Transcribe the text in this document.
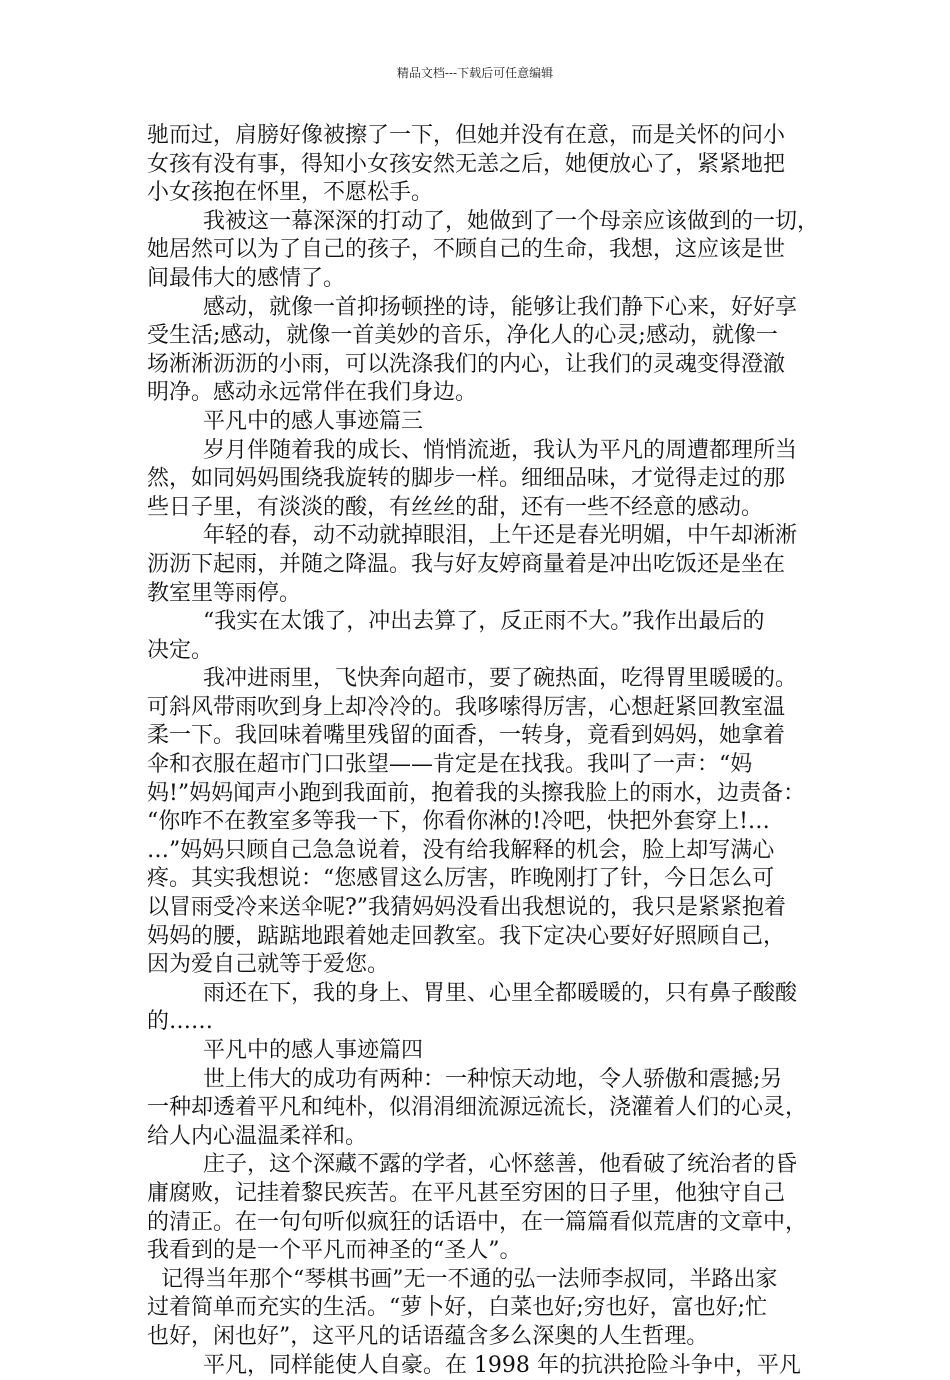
精品文档---下载后可任意编辑
驰而过，肩膀好像被擦了一下，但她并没有在意，而是关怀的问小
女孩有没有事，得知小女孩安然无恙之后，她便放心了，紧紧地把
小女孩抱在怀里，不愿松手。
我被这一幕深深的打动了，她做到了一个母亲应该做到的一切，
她居然可以为了自己的孩子，不顾自己的生命，我想，这应该是世
间最伟大的感情了。
感动，就像一首抑扬顿挫的诗，能够让我们静下心来，好好享
受生活;感动，就像一首美妙的音乐，净化人的心灵;感动，就像一
场淅淅沥沥的小雨，可以洗涤我们的内心，让我们的灵魂变得澄澈
明净。感动永远常伴在我们身边。
平凡中的感人事迹篇三
岁月伴随着我的成长、悄悄流逝，我认为平凡的周遭都理所当
然，如同妈妈围绕我旋转的脚步一样。细细品味，才觉得走过的那
些日子里，有淡淡的酸，有丝丝的甜，还有一些不经意的感动。
年轻的春，动不动就掉眼泪，上午还是春光明媚，中午却淅淅
沥沥下起雨，并随之降温。我与好友婷商量着是冲出吃饭还是坐在
教室里等雨停。
“我实在太饿了，冲出去算了，反正雨不大。”我作出最后的
决定。
我冲进雨里，飞快奔向超市，要了碗热面，吃得胃里暖暖的。
可斜风带雨吹到身上却冷冷的。我哆嗦得厉害，心想赶紧回教室温
柔一下。我回味着嘴里残留的面香，一转身，竟看到妈妈，她拿着
伞和衣服在超市门口张望——肯定是在找我。我叫了一声：“妈
妈!”妈妈闻声小跑到我面前，抱着我的头擦我脸上的雨水，边责备：
“你咋不在教室多等我一下，你看你淋的!冷吧，快把外套穿上!…
…”妈妈只顾自己急急说着，没有给我解释的机会，脸上却写满心
疼。其实我想说：“您感冒这么厉害，昨晚刚打了针，今日怎么可
以冒雨受冷来送伞呢?”我猜妈妈没看出我想说的，我只是紧紧抱着
妈妈的腰，踮踮地跟着她走回教室。我下定决心要好好照顾自己，
因为爱自己就等于爱您。
雨还在下，我的身上、胃里、心里全都暖暖的，只有鼻子酸酸
的……
平凡中的感人事迹篇四
世上伟大的成功有两种：一种惊天动地，令人骄傲和震撼;另
一种却透着平凡和纯朴，似涓涓细流源远流长，浇灌着人们的心灵，
给人内心温温柔祥和。
庄子，这个深藏不露的学者，心怀慈善，他看破了统治者的昏
庸腐败，记挂着黎民疾苦。在平凡甚至穷困的日子里，他独守自己
的清正。在一句句听似疯狂的话语中，在一篇篇看似荒唐的文章中，
我看到的是一个平凡而神圣的“圣人”。
记得当年那个“琴棋书画”无一不通的弘一法师李叔同，半路出家
过着简单而充实的生活。“萝卜好，白菜也好;穷也好，富也好;忙
也好，闲也好”，这平凡的话语蕴含多么深奥的人生哲理。
平凡，同样能使人自豪。在 1998 年的抗洪抢险斗争中，平凡
